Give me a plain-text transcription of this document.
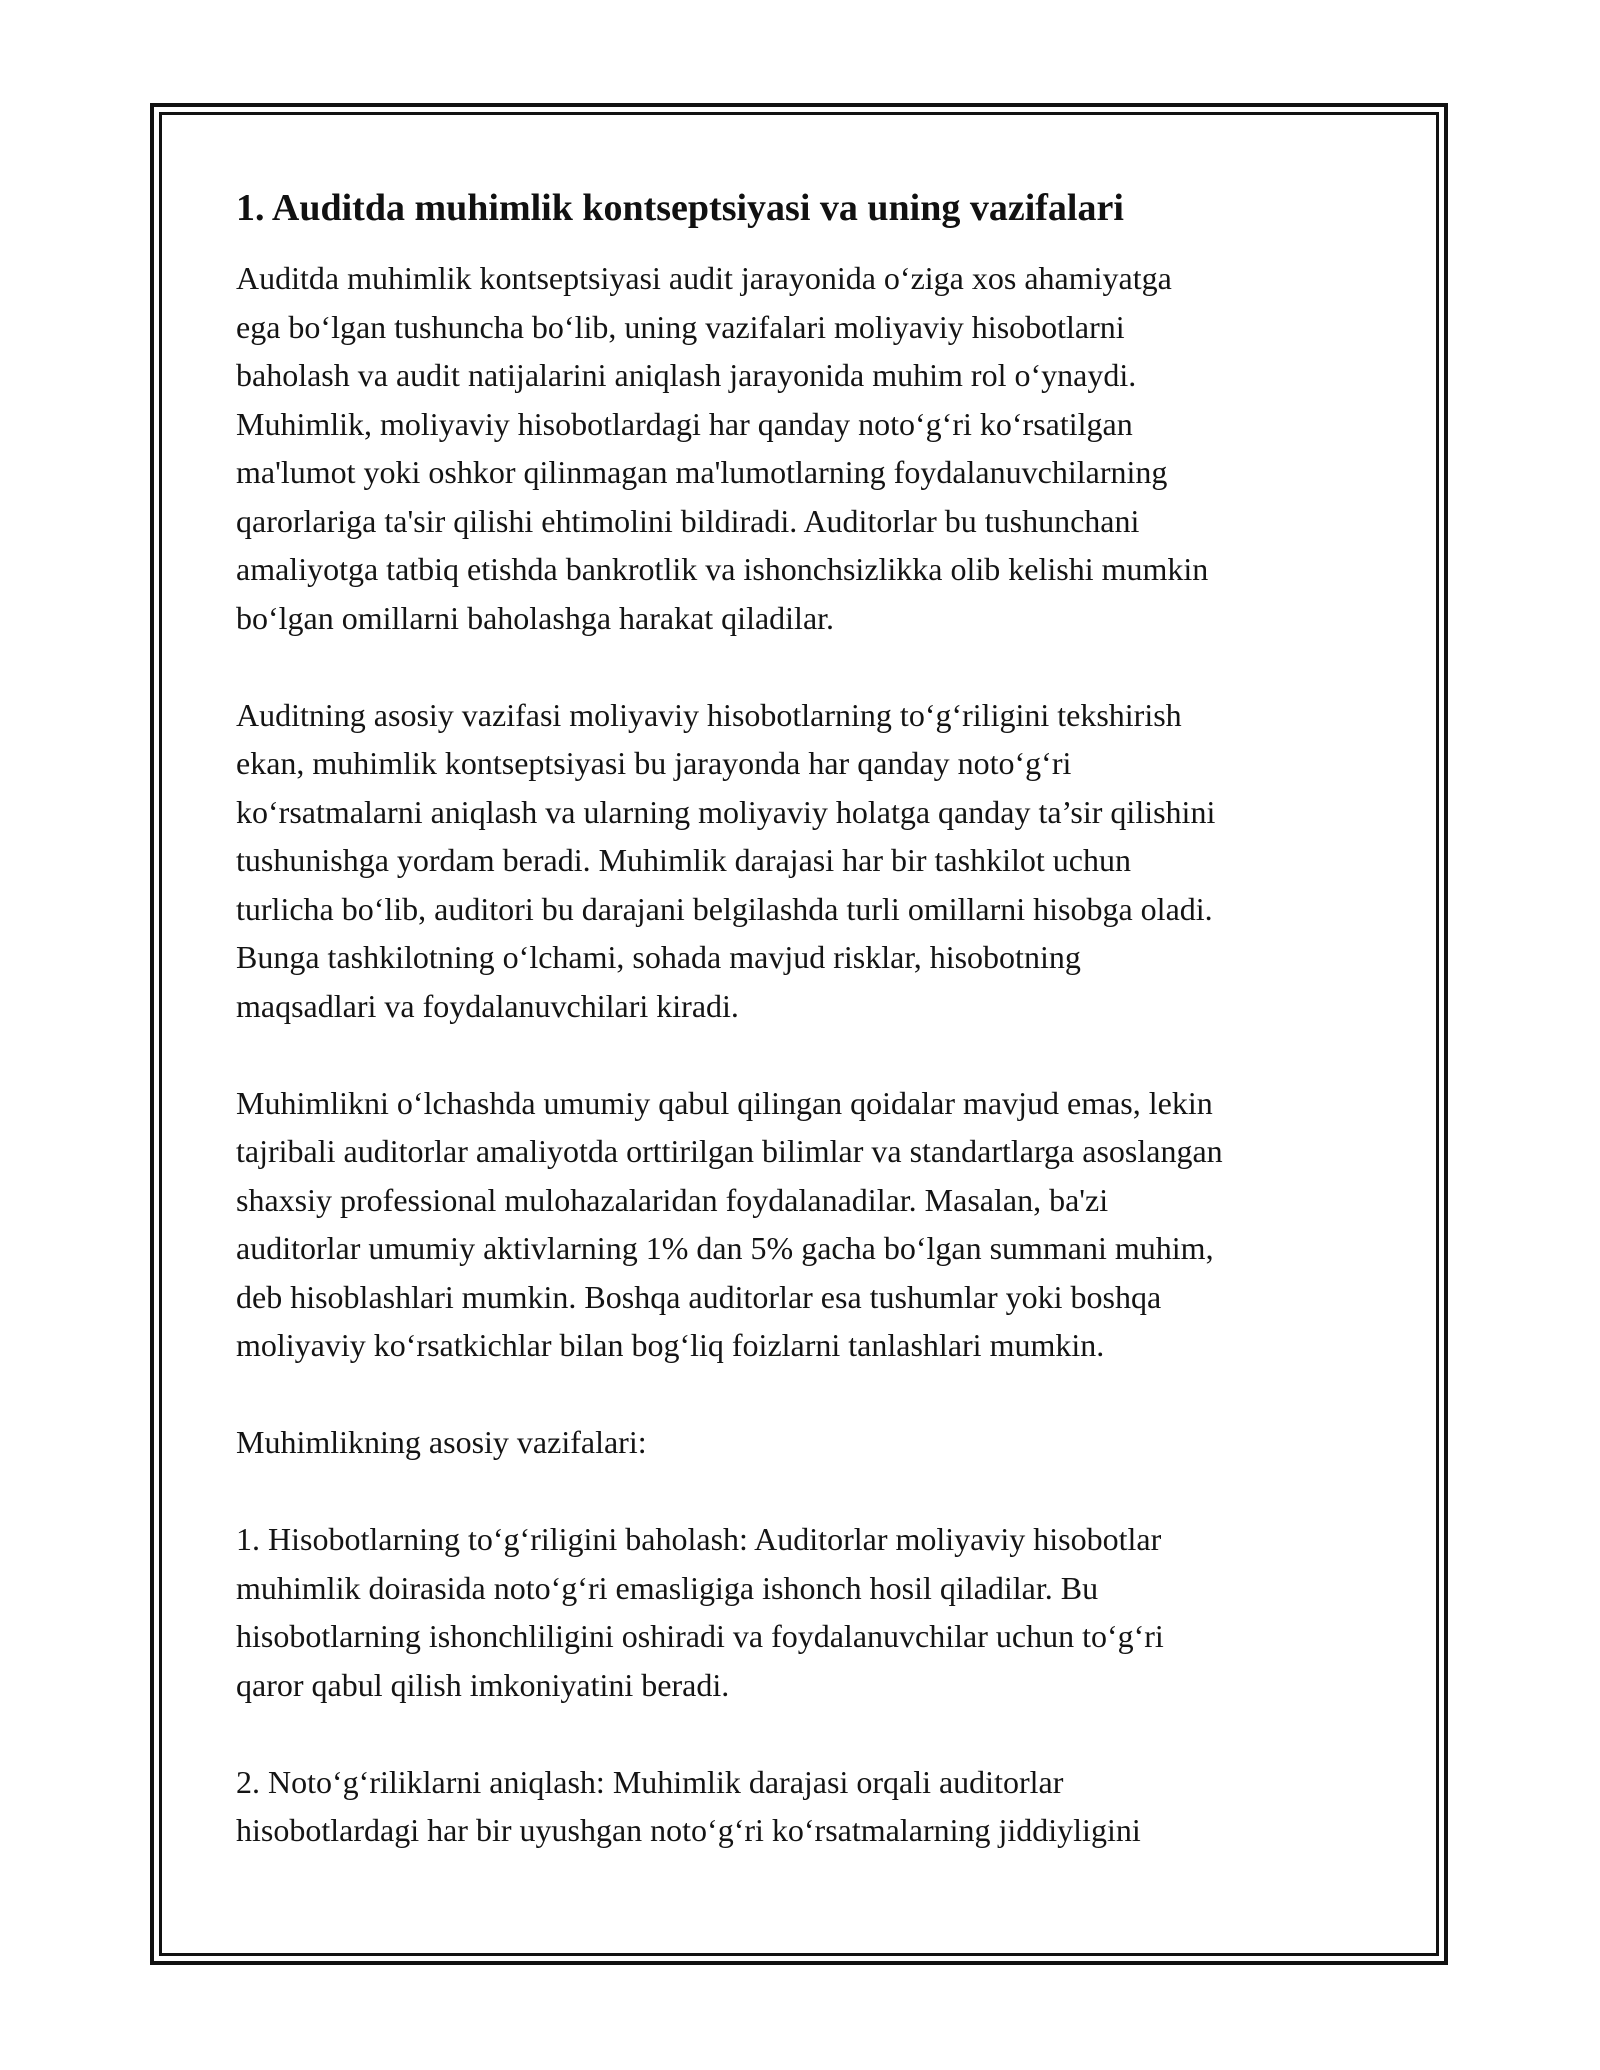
1. Auditda muhimlik kontseptsiyasi va uning vazifalari

Auditda muhimlik kontseptsiyasi audit jarayonida o‘ziga xos ahamiyatga
ega bo‘lgan tushuncha bo‘lib, uning vazifalari moliyaviy hisobotlarni
baholash va audit natijalarini aniqlash jarayonida muhim rol o‘ynaydi.
Muhimlik, moliyaviy hisobotlardagi har qanday noto‘g‘ri ko‘rsatilgan
ma'lumot yoki oshkor qilinmagan ma'lumotlarning foydalanuvchilarning
qarorlariga ta'sir qilishi ehtimolini bildiradi. Auditorlar bu tushunchani
amaliyotga tatbiq etishda bankrotlik va ishonchsizlikka olib kelishi mumkin
bo‘lgan omillarni baholashga harakat qiladilar.

Auditning asosiy vazifasi moliyaviy hisobotlarning to‘g‘riligini tekshirish
ekan, muhimlik kontseptsiyasi bu jarayonda har qanday noto‘g‘ri
ko‘rsatmalarni aniqlash va ularning moliyaviy holatga qanday ta’sir qilishini
tushunishga yordam beradi. Muhimlik darajasi har bir tashkilot uchun
turlicha bo‘lib, auditori bu darajani belgilashda turli omillarni hisobga oladi.
Bunga tashkilotning o‘lchami, sohada mavjud risklar, hisobotning
maqsadlari va foydalanuvchilari kiradi.

Muhimlikni o‘lchashda umumiy qabul qilingan qoidalar mavjud emas, lekin
tajribali auditorlar amaliyotda orttirilgan bilimlar va standartlarga asoslangan
shaxsiy professional mulohazalaridan foydalanadilar. Masalan, ba'zi
auditorlar umumiy aktivlarning 1% dan 5% gacha bo‘lgan summani muhim,
deb hisoblashlari mumkin. Boshqa auditorlar esa tushumlar yoki boshqa
moliyaviy ko‘rsatkichlar bilan bog‘liq foizlarni tanlashlari mumkin.

Muhimlikning asosiy vazifalari:

1. Hisobotlarning to‘g‘riligini baholash: Auditorlar moliyaviy hisobotlar
muhimlik doirasida noto‘g‘ri emasligiga ishonch hosil qiladilar. Bu
hisobotlarning ishonchliligini oshiradi va foydalanuvchilar uchun to‘g‘ri
qaror qabul qilish imkoniyatini beradi.

2. Noto‘g‘riliklarni aniqlash: Muhimlik darajasi orqali auditorlar
hisobotlardagi har bir uyushgan noto‘g‘ri ko‘rsatmalarning jiddiyligini
